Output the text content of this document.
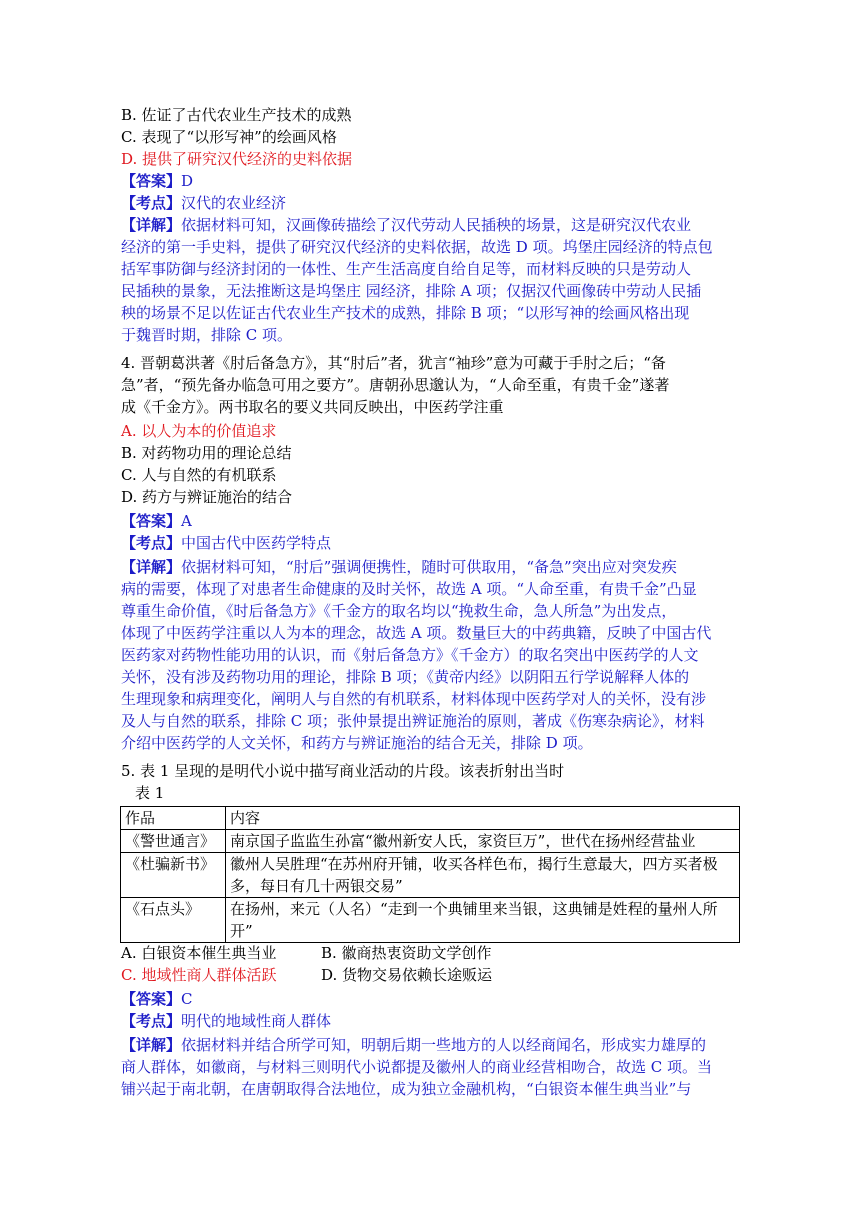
B. 佐证了古代农业生产技术的成熟
C. 表现了“以形写神”的绘画风格
D. 提供了研究汉代经济的史料依据
【答案】D
【考点】汉代的农业经济
【详解】依据材料可知，汉画像砖描绘了汉代劳动人民插秧的场景，这是研究汉代农业
经济的第一手史料，提供了研究汉代经济的史料依据，故选 D 项。坞堡庄园经济的特点包
括军事防御与经济封闭的一体性、生产生活高度自给自足等，而材料反映的只是劳动人
民插秧的景象，无法推断这是坞堡庄 园经济，排除 A 项；仅据汉代画像砖中劳动人民插
秧的场景不足以佐证古代农业生产技术的成熟，排除 B 项；“以形写神的绘画风格出现
于魏晋时期，排除 C 项。
4. 晋朝葛洪著《肘后备急方》，其“肘后”者，犹言“袖珍”意为可藏于手肘之后；“备
急”者，“预先备办临急可用之要方”。唐朝孙思邈认为，“人命至重，有贵千金”遂著
成《千金方》。两书取名的要义共同反映出，中医药学注重
A. 以人为本的价值追求
B. 对药物功用的理论总结
C. 人与自然的有机联系
D. 药方与辨证施治的结合
【答案】A
【考点】中国古代中医药学特点
【详解】依据材料可知，“肘后”强调便携性，随时可供取用，“备急”突出应对突发疾
病的需要，体现了对患者生命健康的及时关怀，故选 A 项。“人命至重，有贵千金”凸显
尊重生命价值，《时后备急方》《千金方的取名均以“挽救生命，急人所急”为出发点，
体现了中医药学注重以人为本的理念，故选 A 项。数量巨大的中药典籍，反映了中国古代
医药家对药物性能功用的认识，而《射后备急方》《千金方）的取名突出中医药学的人文
关怀，没有涉及药物功用的理论，排除 B 项；《黄帝内经》以阴阳五行学说解释人体的
生理现象和病理变化，阐明人与自然的有机联系，材料体现中医药学对人的关怀，没有涉
及人与自然的联系，排除 C 项；张仲景提出辨证施治的原则，著成《伤寒杂病论》，材料
介绍中医药学的人文关怀，和药方与辨证施治的结合无关，排除 D 项。
5. 表 1 呈现的是明代小说中描写商业活动的片段。该表折射出当时
表 1
作品	内容
《警世通言》	南京国子监监生孙富“徽州新安人氏，家资巨万”，世代在扬州经营盐业
《杜骗新书》	徽州人吴胜理“在苏州府开铺，收买各样色布，揭行生意最大，四方买者极多，每日有几十两银交易”
《石点头》	在扬州，来元（人名）“走到一个典铺里来当银，这典铺是姓程的量州人所开”
A. 白银资本催生典当业	B. 徽商热衷资助文学创作
C. 地域性商人群体活跃	D. 货物交易依赖长途贩运
【答案】C
【考点】明代的地域性商人群体
【详解】依据材料并结合所学可知，明朝后期一些地方的人以经商闻名，形成实力雄厚的
商人群体，如徽商，与材料三则明代小说都提及徽州人的商业经营相吻合，故选 C 项。当
铺兴起于南北朝，在唐朝取得合法地位，成为独立金融机构，“白银资本催生典当业”与
